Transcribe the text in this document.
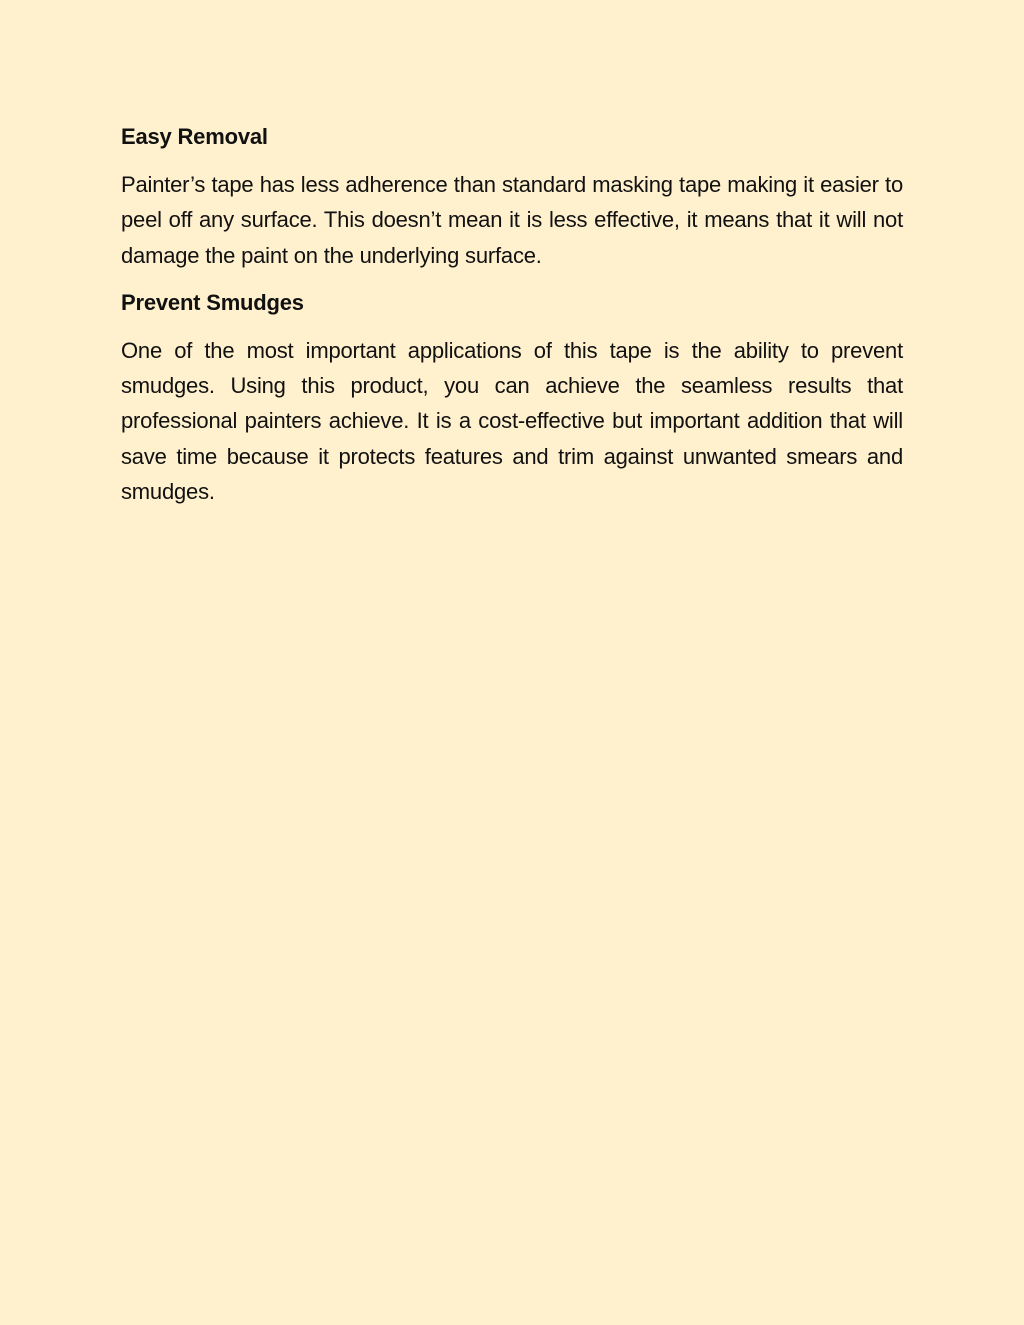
Easy Removal

Painter’s tape has less adherence than standard masking tape making it easier to peel off any surface. This doesn’t mean it is less effective, it means that it will not damage the paint on the underlying surface.

Prevent Smudges

One of the most important applications of this tape is the ability to prevent smudges. Using this product, you can achieve the seamless results that professional painters achieve. It is a cost-effective but important addition that will save time because it protects features and trim against unwanted smears and smudges.
